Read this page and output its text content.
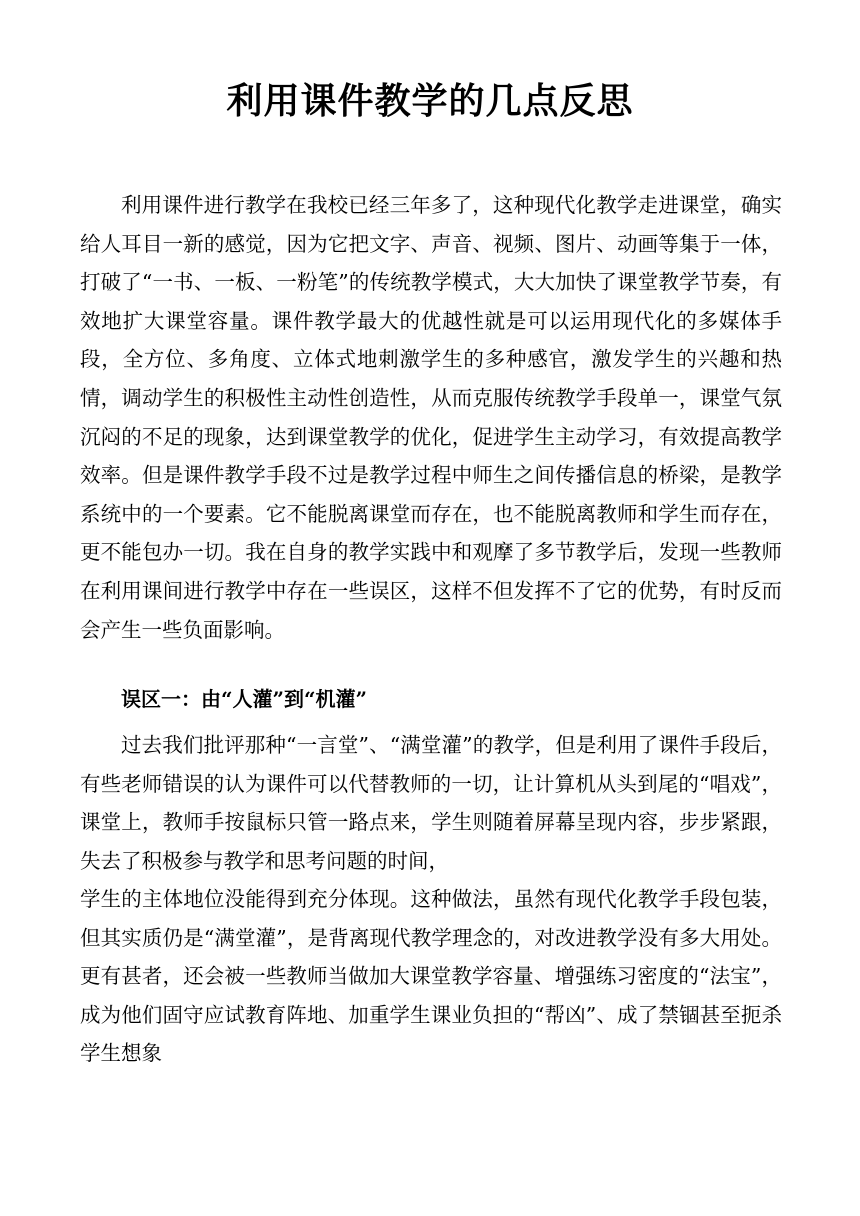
利用课件教学的几点反思

利用课件进行教学在我校已经三年多了，这种现代化教学走进课堂，确实给人耳目一新的感觉，因为它把文字、声音、视频、图片、动画等集于一体，打破了“一书、一板、一粉笔”的传统教学模式，大大加快了课堂教学节奏，有效地扩大课堂容量。课件教学最大的优越性就是可以运用现代化的多媒体手段，全方位、多角度、立体式地刺激学生的多种感官，激发学生的兴趣和热情，调动学生的积极性主动性创造性，从而克服传统教学手段单一，课堂气氛沉闷的不足的现象，达到课堂教学的优化，促进学生主动学习，有效提高教学效率。但是课件教学手段不过是教学过程中师生之间传播信息的桥梁，是教学系统中的一个要素。它不能脱离课堂而存在，也不能脱离教师和学生而存在，更不能包办一切。我在自身的教学实践中和观摩了多节教学后，发现一些教师在利用课间进行教学中存在一些误区，这样不但发挥不了它的优势，有时反而会产生一些负面影响。

误区一：由“人灌”到“机灌”

过去我们批评那种“一言堂”、“满堂灌”的教学，但是利用了课件手段后，有些老师错误的认为课件可以代替教师的一切，让计算机从头到尾的“唱戏”，课堂上，教师手按鼠标只管一路点来，学生则随着屏幕呈现内容，步步紧跟，失去了积极参与教学和思考问题的时间，

学生的主体地位没能得到充分体现。这种做法，虽然有现代化教学手段包装，但其实质仍是“满堂灌”，是背离现代教学理念的，对改进教学没有多大用处。更有甚者，还会被一些教师当做加大课堂教学容量、增强练习密度的“法宝”，成为他们固守应试教育阵地、加重学生课业负担的“帮凶”、成了禁锢甚至扼杀学生想象
